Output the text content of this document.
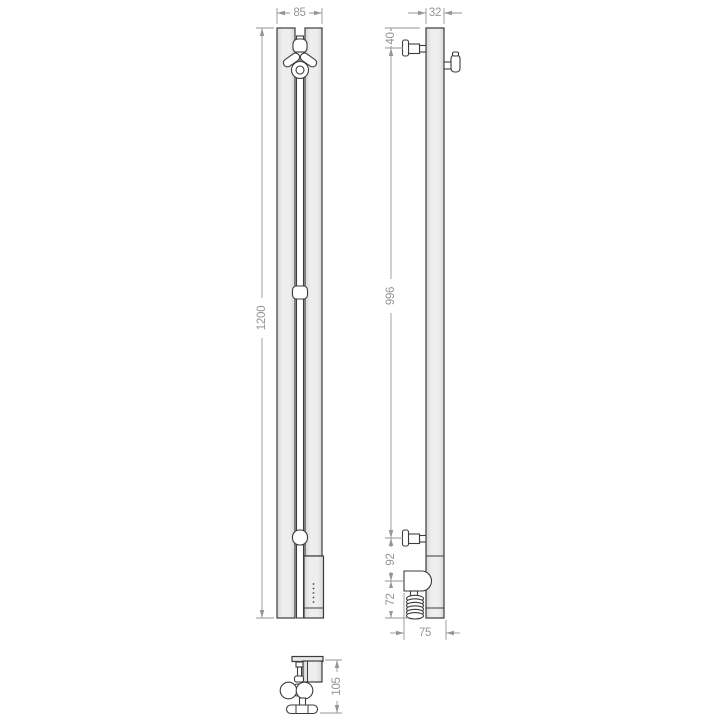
85
1200
32
40
996
92
72
75
105
